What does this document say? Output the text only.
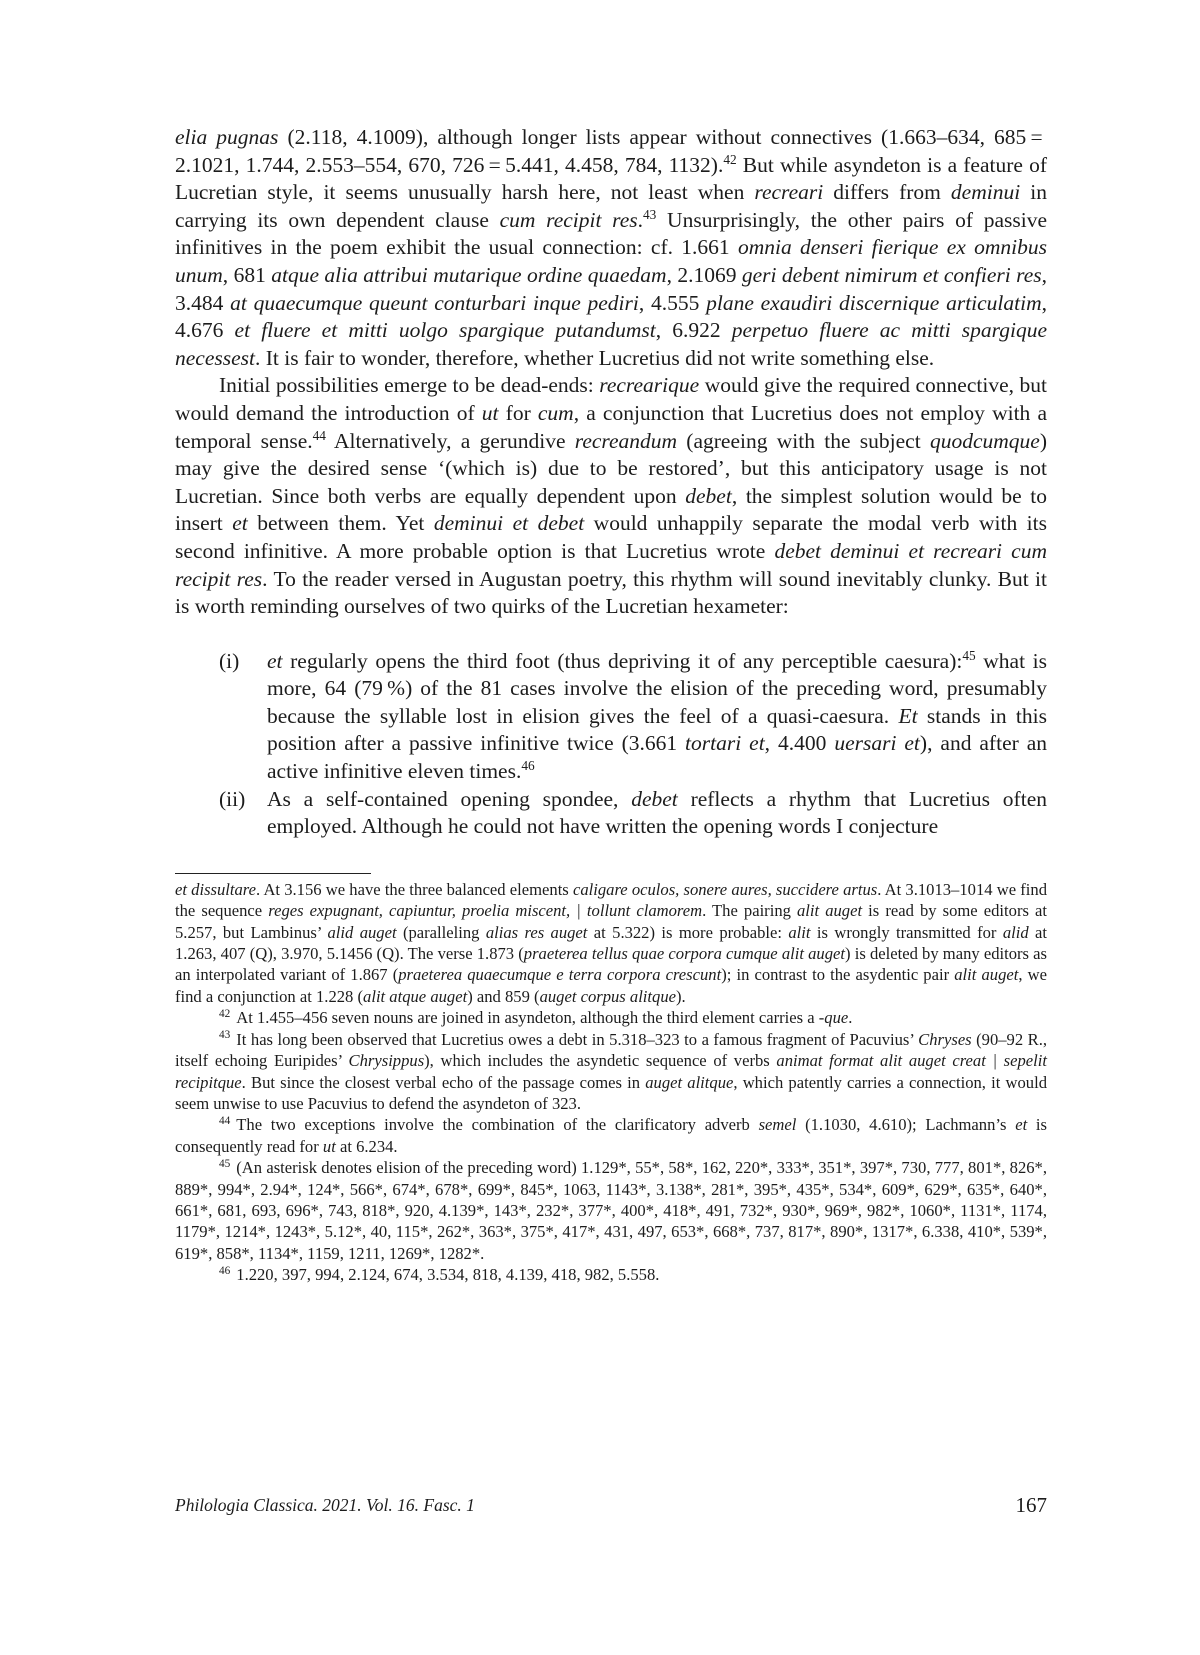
elia pugnas (2.118, 4.1009), although longer lists appear without connectives (1.663–634, 685 = 2.1021, 1.744, 2.553–554, 670, 726 = 5.441, 4.458, 784, 1132).$^{42}$ But while asyndeton is a feature of Lucretian style, it seems unusually harsh here, not least when recreari differs from deminui in carrying its own dependent clause cum recipit res.$^{43}$ Unsurprisingly, the other pairs of passive infinitives in the poem exhibit the usual connection: cf. 1.661 omnia denseri fierique ex omnibus unum, 681 atque alia attribui mutarique ordine quaedam, 2.1069 geri debent nimirum et confieri res, 3.484 at quaecumque queunt conturbari inque pediri, 4.555 plane exaudiri discernique articulatim, 4.676 et fluere et mitti uolgo spargique putandumst, 6.922 perpetuo fluere ac mitti spargique necessest. It is fair to wonder, therefore, whether Lucretius did not write something else.

Initial possibilities emerge to be dead-ends: recrearique would give the required connective, but would demand the introduction of ut for cum, a conjunction that Lucretius does not employ with a temporal sense.$^{44}$ Alternatively, a gerundive recreandum (agreeing with the subject quodcumque) may give the desired sense ‘(which is) due to be restored’, but this anticipatory usage is not Lucretian. Since both verbs are equally dependent upon debet, the simplest solution would be to insert et between them. Yet deminui et debet would unhappily separate the modal verb with its second infinitive. A more probable option is that Lucretius wrote debet deminui et recreari cum recipit res. To the reader versed in Augustan poetry, this rhythm will sound inevitably clunky. But it is worth reminding ourselves of two quirks of the Lucretian hexameter:

(i) et regularly opens the third foot (thus depriving it of any perceptible caesura):$^{45}$ what is more, 64 (79 %) of the 81 cases involve the elision of the preceding word, presumably because the syllable lost in elision gives the feel of a quasi-caesura. Et stands in this position after a passive infinitive twice (3.661 tortari et, 4.400 uersari et), and after an active infinitive eleven times.$^{46}$
(ii) As a self-contained opening spondee, debet reflects a rhythm that Lucretius often employed. Although he could not have written the opening words I conjecture

et dissultare. At 3.156 we have the three balanced elements caligare oculos, sonere aures, succidere artus. At 3.1013–1014 we find the sequence reges expugnant, capiuntur, proelia miscent, | tollunt clamorem. The pairing alit auget is read by some editors at 5.257, but Lambinus’ alid auget (paralleling alias res auget at 5.322) is more probable: alit is wrongly transmitted for alid at 1.263, 407 (Q), 3.970, 5.1456 (Q). The verse 1.873 (praeterea tellus quae corpora cumque alit auget) is deleted by many editors as an interpolated variant of 1.867 (praeterea quaecumque e terra corpora crescunt); in contrast to the asydentic pair alit auget, we find a conjunction at 1.228 (alit atque auget) and 859 (auget corpus alitque).

$^{42}$ At 1.455–456 seven nouns are joined in asyndeton, although the third element carries a -que.

$^{43}$ It has long been observed that Lucretius owes a debt in 5.318–323 to a famous fragment of Pacuvius’ Chryses (90–92 R., itself echoing Euripides’ Chrysippus), which includes the asyndetic sequence of verbs animat format alit auget creat | sepelit recipitque. But since the closest verbal echo of the passage comes in auget alitque, which patently carries a connection, it would seem unwise to use Pacuvius to defend the asyndeton of 323.

$^{44}$ The two exceptions involve the combination of the clarificatory adverb semel (1.1030, 4.610); Lachmann’s et is consequently read for ut at 6.234.

$^{45}$ (An asterisk denotes elision of the preceding word) 1.129*, 55*, 58*, 162, 220*, 333*, 351*, 397*, 730, 777, 801*, 826*, 889*, 994*, 2.94*, 124*, 566*, 674*, 678*, 699*, 845*, 1063, 1143*, 3.138*, 281*, 395*, 435*, 534*, 609*, 629*, 635*, 640*, 661*, 681, 693, 696*, 743, 818*, 920, 4.139*, 143*, 232*, 377*, 400*, 418*, 491, 732*, 930*, 969*, 982*, 1060*, 1131*, 1174, 1179*, 1214*, 1243*, 5.12*, 40, 115*, 262*, 363*, 375*, 417*, 431, 497, 653*, 668*, 737, 817*, 890*, 1317*, 6.338, 410*, 539*, 619*, 858*, 1134*, 1159, 1211, 1269*, 1282*.

$^{46}$ 1.220, 397, 994, 2.124, 674, 3.534, 818, 4.139, 418, 982, 5.558.

Philologia Classica. 2021. Vol. 16. Fasc. 1	167
